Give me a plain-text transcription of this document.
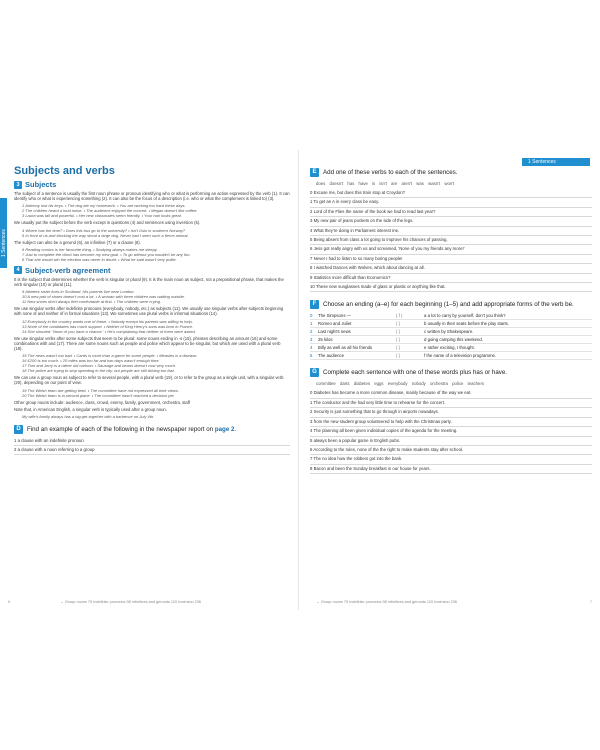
1 Sentences
1 Sentences
Subjects and verbs
3 Subjects

The subject of a sentence is usually the first noun phrase or pronoun identifying who or what is performing an action expressed by the verb (1). It can identify who or what is experiencing something (2). It can also be the focus of a description (i.e. who or what the complement is linked to) (3).

1 Anthony lost his keys. • The dog ate my homework. • You are working too hard these days.
2 The children heard a loud noise. • The audience enjoyed the concert. • Megan doesn't like coffee.
3 Laura was tall and powerful. • Her new classmates seem friendly. • Your hair looks great.

We usually put the subject before the verb except in questions (4) and sentences using inversion (5).

4 Where has the time? • Does this bus go to the university? • Isn't Oslo in southern Norway?
5 In front of us and blocking the way stood a large dog. Never had I seen such a fierce animal.

The subject can also be a gerund (6), an infinitive (7) or a clause (8).

6 Reading comics is her favourite thing. • Studying always makes me sleepy.
7 Just to complete the climb has become my new goal. • To go without you wouldn't be any fun.
8 That she would win the election was never in doubt. • What he said wasn't very polite.
4 Subject-verb agreement

It is the subject that determines whether the verb is singular or plural (9). It is the main noun as subject, not a prepositional phrase, that makes the verb singular (10) or plural (11).

9 Athletes sister lives in Scotland. His parents live near London.
10 A new pair of shoes doesn't cost a lot. • A woman with three children was waiting outside.
11 New shoes don't always feel comfortable at first. • The children were crying.

We use singular verbs after indefinite pronouns (everybody, nobody, etc.) as subjects (12). We usually use singular verbs after subjects beginning with none of and neither of in formal situations (13). We sometimes use plural verbs in informal situations (14).

12 Everybody in the country wants one of these. • Nobody except his parents was willing to help.
13 None of the candidates has much support. • Neither of King Henry's sons was born in France.
14 She shouted: 'None of you have a chance.' • He's complaining that neither of them were asked.

We use singular verbs after some subjects that seem to be plural: some nouns ending in -s (15), phrases describing an amount (16) and some combinations with and (17). There are some nouns such as people and police which appear to be singular, but which are used with a plural verb (18).

15 The news wasn't too bad. • Cards is more than a game for some people. • Measles is a disease.
16 £200 is too much. • 20 miles was too far and two days wasn't enough time.
17 Tom and Jerry is a rather old cartoon. • Sausage and beans doesn't cost very much.
18 The police are trying to stop speeding in the city, but people are still driving too fast.

We can use a group noun as subject to refer to several people, with a plural verb (19), or to refer to the group as a single unit, with a singular verb (20), depending on our point of view.

19 The Welsh team are getting tired. • The committee have not expressed all their views.
20 The Welsh team is in second place. • The committee hasn't reached a decision yet.

Other group nouns include: audience, class, crowd, enemy, family, government, orchestra, staff

Note that, in American English, a singular verb is typically used after a group noun.

My wife's family always has a big get-together with a barbecue on July 4th.
D	Find an example of each of the following in the newspaper report on page 2.
1 a clause with an indefinite pronoun
2 a clause with a noun referring to a group
E	Add one of these verbs to each of the sentences.
does doesn't has have is isn't are aren't was wasn't won't
0 Excuse me, but does this train stop at Croydon?
1 To get an A in every class be easy.
2 Lord of the Flies the name of the book we had to read last year?
3 My new pair of jeans pockets on the side of the legs.
4 What they're doing in Parliament interest me.
5 Being absent from class a lot going to improve his chances of passing.
6 Jess got really angry with us and screamed, 'None of you my friends any more!'
7 Never I had to listen to so many boring people!
8 I watched Dances with Wolves, which about dancing at all.
9 Statistics more difficult than Economics?
10 These new sunglasses made of glass or plastic or anything like that.
F	Choose an ending (a–e) for each beginning (1–5) and add appropriate forms of the verb be.
0	The Simpsons —	( f )	a a lot to carry by yourself, don't you think?
1	Romeo and Juliet	( )	b usually in their seats before the play starts.
2	Last night's news	( )	c written by Shakespeare.
3	25 kilos	( )	d going camping this weekend.
4	Billy as well as all his friends	( )	e rather exciting, I thought.
5	The audience	( )	f the name of a television programme.
G Complete each sentence with one of these words plus has or have.
committee darts diabetes eggs everybody nobody orchestra police teachers
0 Diabetes has become a more common disease, mainly because of the way we eat.
1 The conductor and the had very little time to rehearse for the concert.
2 Security is just something that to go through in airports nowadays.
3 from the new student group volunteered to help with the Christmas party.
4 The planning all been given individual copies of the agenda for the meeting.
5 always been a popular game in English pubs.
6 According to the rules, none of the the right to make students stay after school.
7 The no idea how the robbers got into the bank.
8 Bacon and been the Sunday breakfast in our house for years.
→ Group nouns 75 Indefinite pronouns 98 Infinitives and gerunds 120 Inversion 236	→ Group nouns 75 Indefinite pronouns 98 Infinitives and gerunds 120 Inversion 236
6	7
